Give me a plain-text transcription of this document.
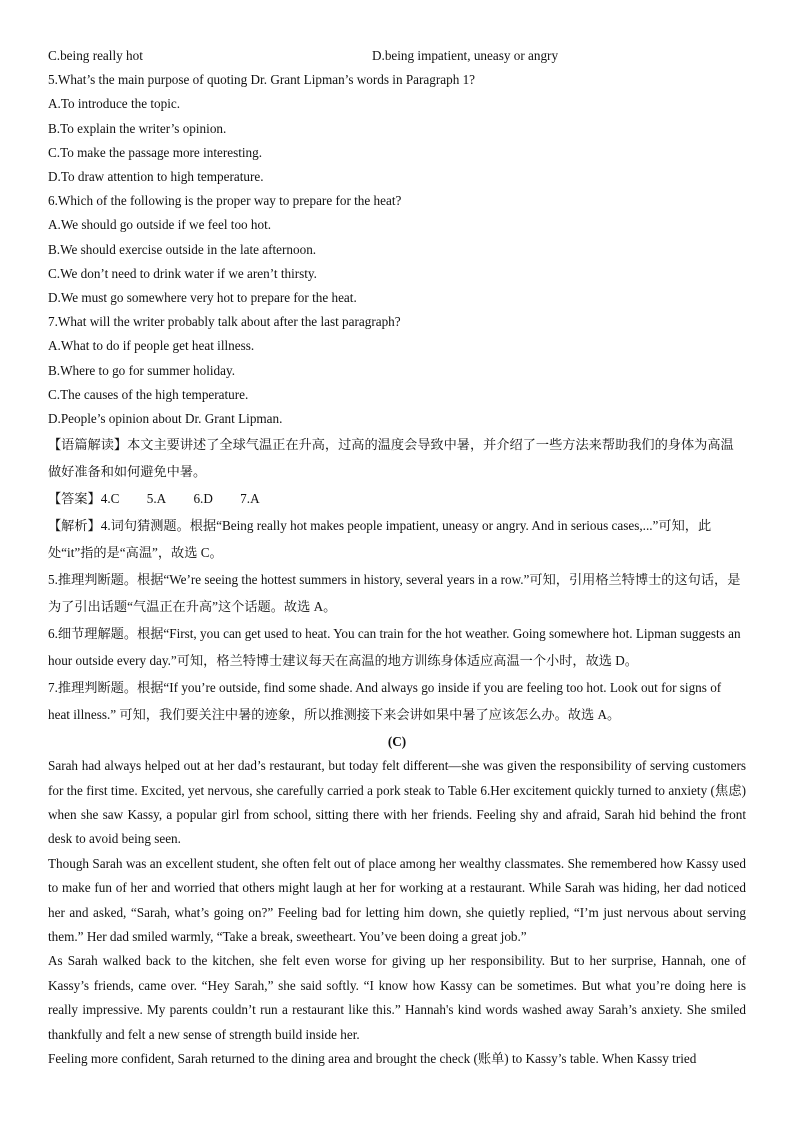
C.being really hot	D.being impatient, uneasy or angry

5.What’s the main purpose of quoting Dr. Grant Lipman’s words in Paragraph 1?

A.To introduce the topic.

B.To explain the writer’s opinion.

C.To make the passage more interesting.

D.To draw attention to high temperature.

6.Which of the following is the proper way to prepare for the heat?

A.We should go outside if we feel too hot.

B.We should exercise outside in the late afternoon.

C.We don’t need to drink water if we aren’t thirsty.

D.We must go somewhere very hot to prepare for the heat.

7.What will the writer probably talk about after the last paragraph?

A.What to do if people get heat illness.

B.Where to go for summer holiday.

C.The causes of the high temperature.

D.People’s opinion about Dr. Grant Lipman.

【语篇解读】本文主要讲述了全球气温正在升高，过高的温度会导致中暑，并介绍了一些方法来帮助我们的身体为高温做好准备和如何避免中暑。

【答案】4.C 5.A 6.D 7.A

【解析】4.词句猜测题。根据“Being really hot makes people impatient, uneasy or angry. And in serious cases,...”可知，此处“it”指的是“高温”，故选 C。

5.推理判断题。根据“We’re seeing the hottest summers in history, several years in a row.”可知，引用格兰特博士的这句话，是为了引出话题“气温正在升高”这个话题。故选 A。

6.细节理解题。根据“First, you can get used to heat. You can train for the hot weather. Going somewhere hot. Lipman suggests an hour outside every day.”可知，格兰特博士建议每天在高温的地方训练身体适应高温一个小时，故选 D。

7.推理判断题。根据“If you’re outside, find some shade. And always go inside if you are feeling too hot. Look out for signs of heat illness.” 可知，我们要关注中暑的迹象，所以推测接下来会讲如果中暑了应该怎么办。故选 A。

(C)

Sarah had always helped out at her dad’s restaurant, but today felt different—she was given the responsibility of serving customers for the first time. Excited, yet nervous, she carefully carried a pork steak to Table 6.Her excitement quickly turned to anxiety (焦虑) when she saw Kassy, a popular girl from school, sitting there with her friends. Feeling shy and afraid, Sarah hid behind the front desk to avoid being seen.

Though Sarah was an excellent student, she often felt out of place among her wealthy classmates. She remembered how Kassy used to make fun of her and worried that others might laugh at her for working at a restaurant. While Sarah was hiding, her dad noticed her and asked, “Sarah, what’s going on?” Feeling bad for letting him down, she quietly replied, “I’m just nervous about serving them.” Her dad smiled warmly, “Take a break, sweetheart. You’ve been doing a great job.”

As Sarah walked back to the kitchen, she felt even worse for giving up her responsibility. But to her surprise, Hannah, one of Kassy’s friends, came over. “Hey Sarah,” she said softly. “I know how Kassy can be sometimes. But what you’re doing here is really impressive. My parents couldn’t run a restaurant like this.” Hannah's kind words washed away Sarah’s anxiety. She smiled thankfully and felt a new sense of strength build inside her.

Feeling more confident, Sarah returned to the dining area and brought the check (账单) to Kassy’s table. When Kassy tried
